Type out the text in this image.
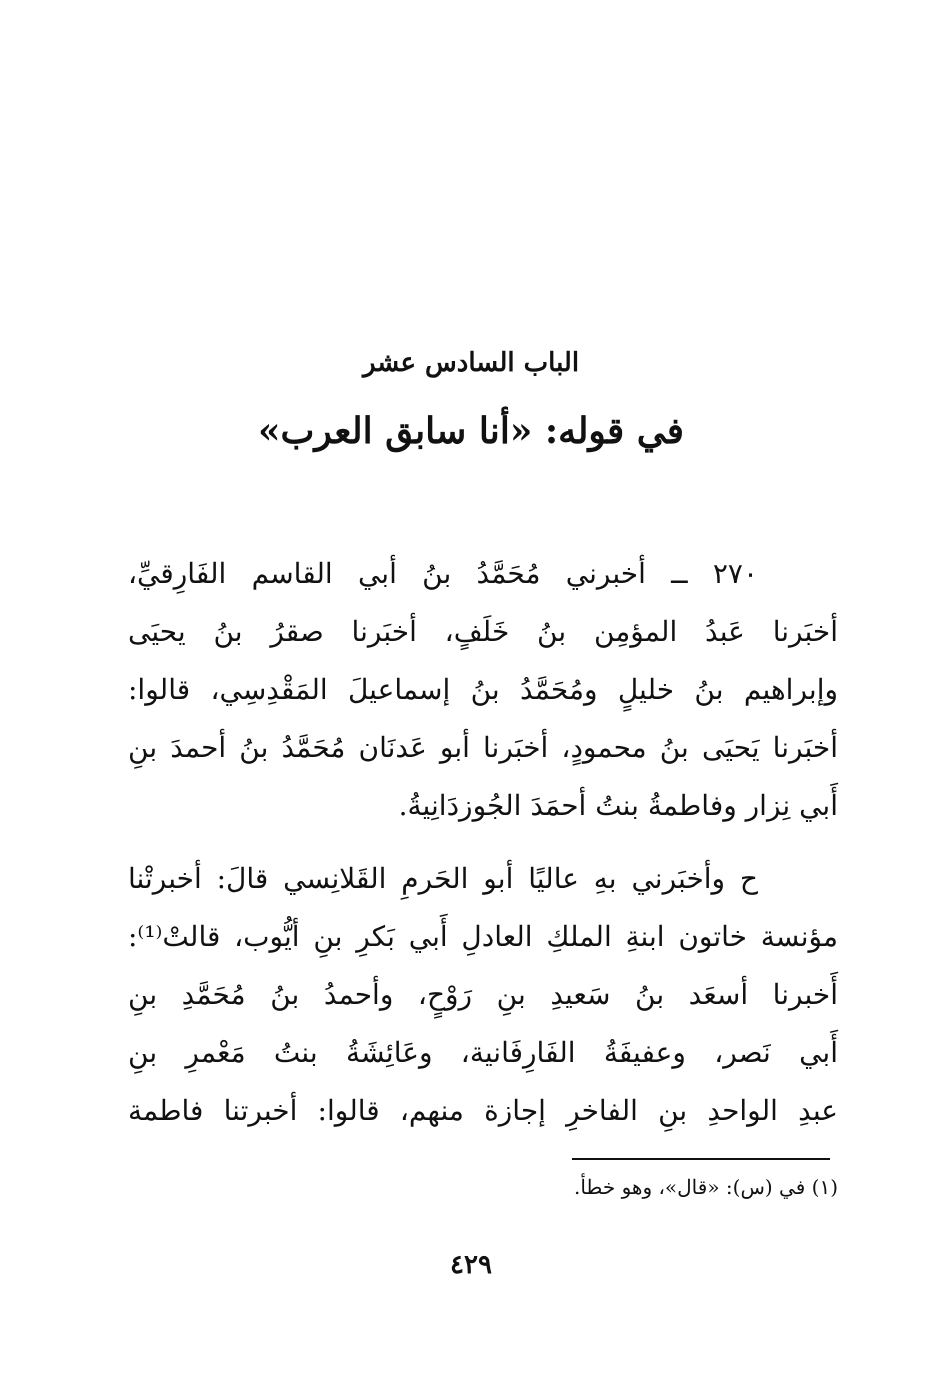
الباب السادس عشر
في قوله: «أنا سابق العرب»
٢٧٠ ــ أخبرني مُحَمَّدُ بنُ أبي القاسم الفَارِقيِّ،
أخبَرنا عَبدُ المؤمِن بنُ خَلَفٍ، أخبَرنا صقرُ بنُ يحيَى
وإبراهيم بنُ خليلٍ ومُحَمَّدُ بنُ إسماعيلَ المَقْدِسِي، قالوا:
أخبَرنا يَحيَى بنُ محمودٍ، أخبَرنا أبو عَدنَان مُحَمَّدُ بنُ أحمدَ بنِ
أَبي نِزار وفاطمةُ بنتُ أحمَدَ الجُوزدَانِيةُ.
ح وأخبَرني بهِ عاليًا أبو الحَرمِ القَلانِسي قالَ: أخبرتْنا
مؤنسة خاتون ابنةِ الملكِ العادلِ أَبي بَكرِ بنِ أيُّوب، قالتْ⁽¹⁾:
أَخبرنا أسعَد بنُ سَعيدِ بنِ رَوْحٍ، وأحمدُ بنُ مُحَمَّدِ بنِ
أَبي نَصر، وعفيفَةُ الفَارِفَانية، وعَائِشَةُ بنتُ مَعْمرِ بنِ
عبدِ الواحدِ بنِ الفاخرِ إجازة منهم، قالوا: أخبرتنا فاطمة
(١) في (س): «قال»، وهو خطأ.
٤٢٩
